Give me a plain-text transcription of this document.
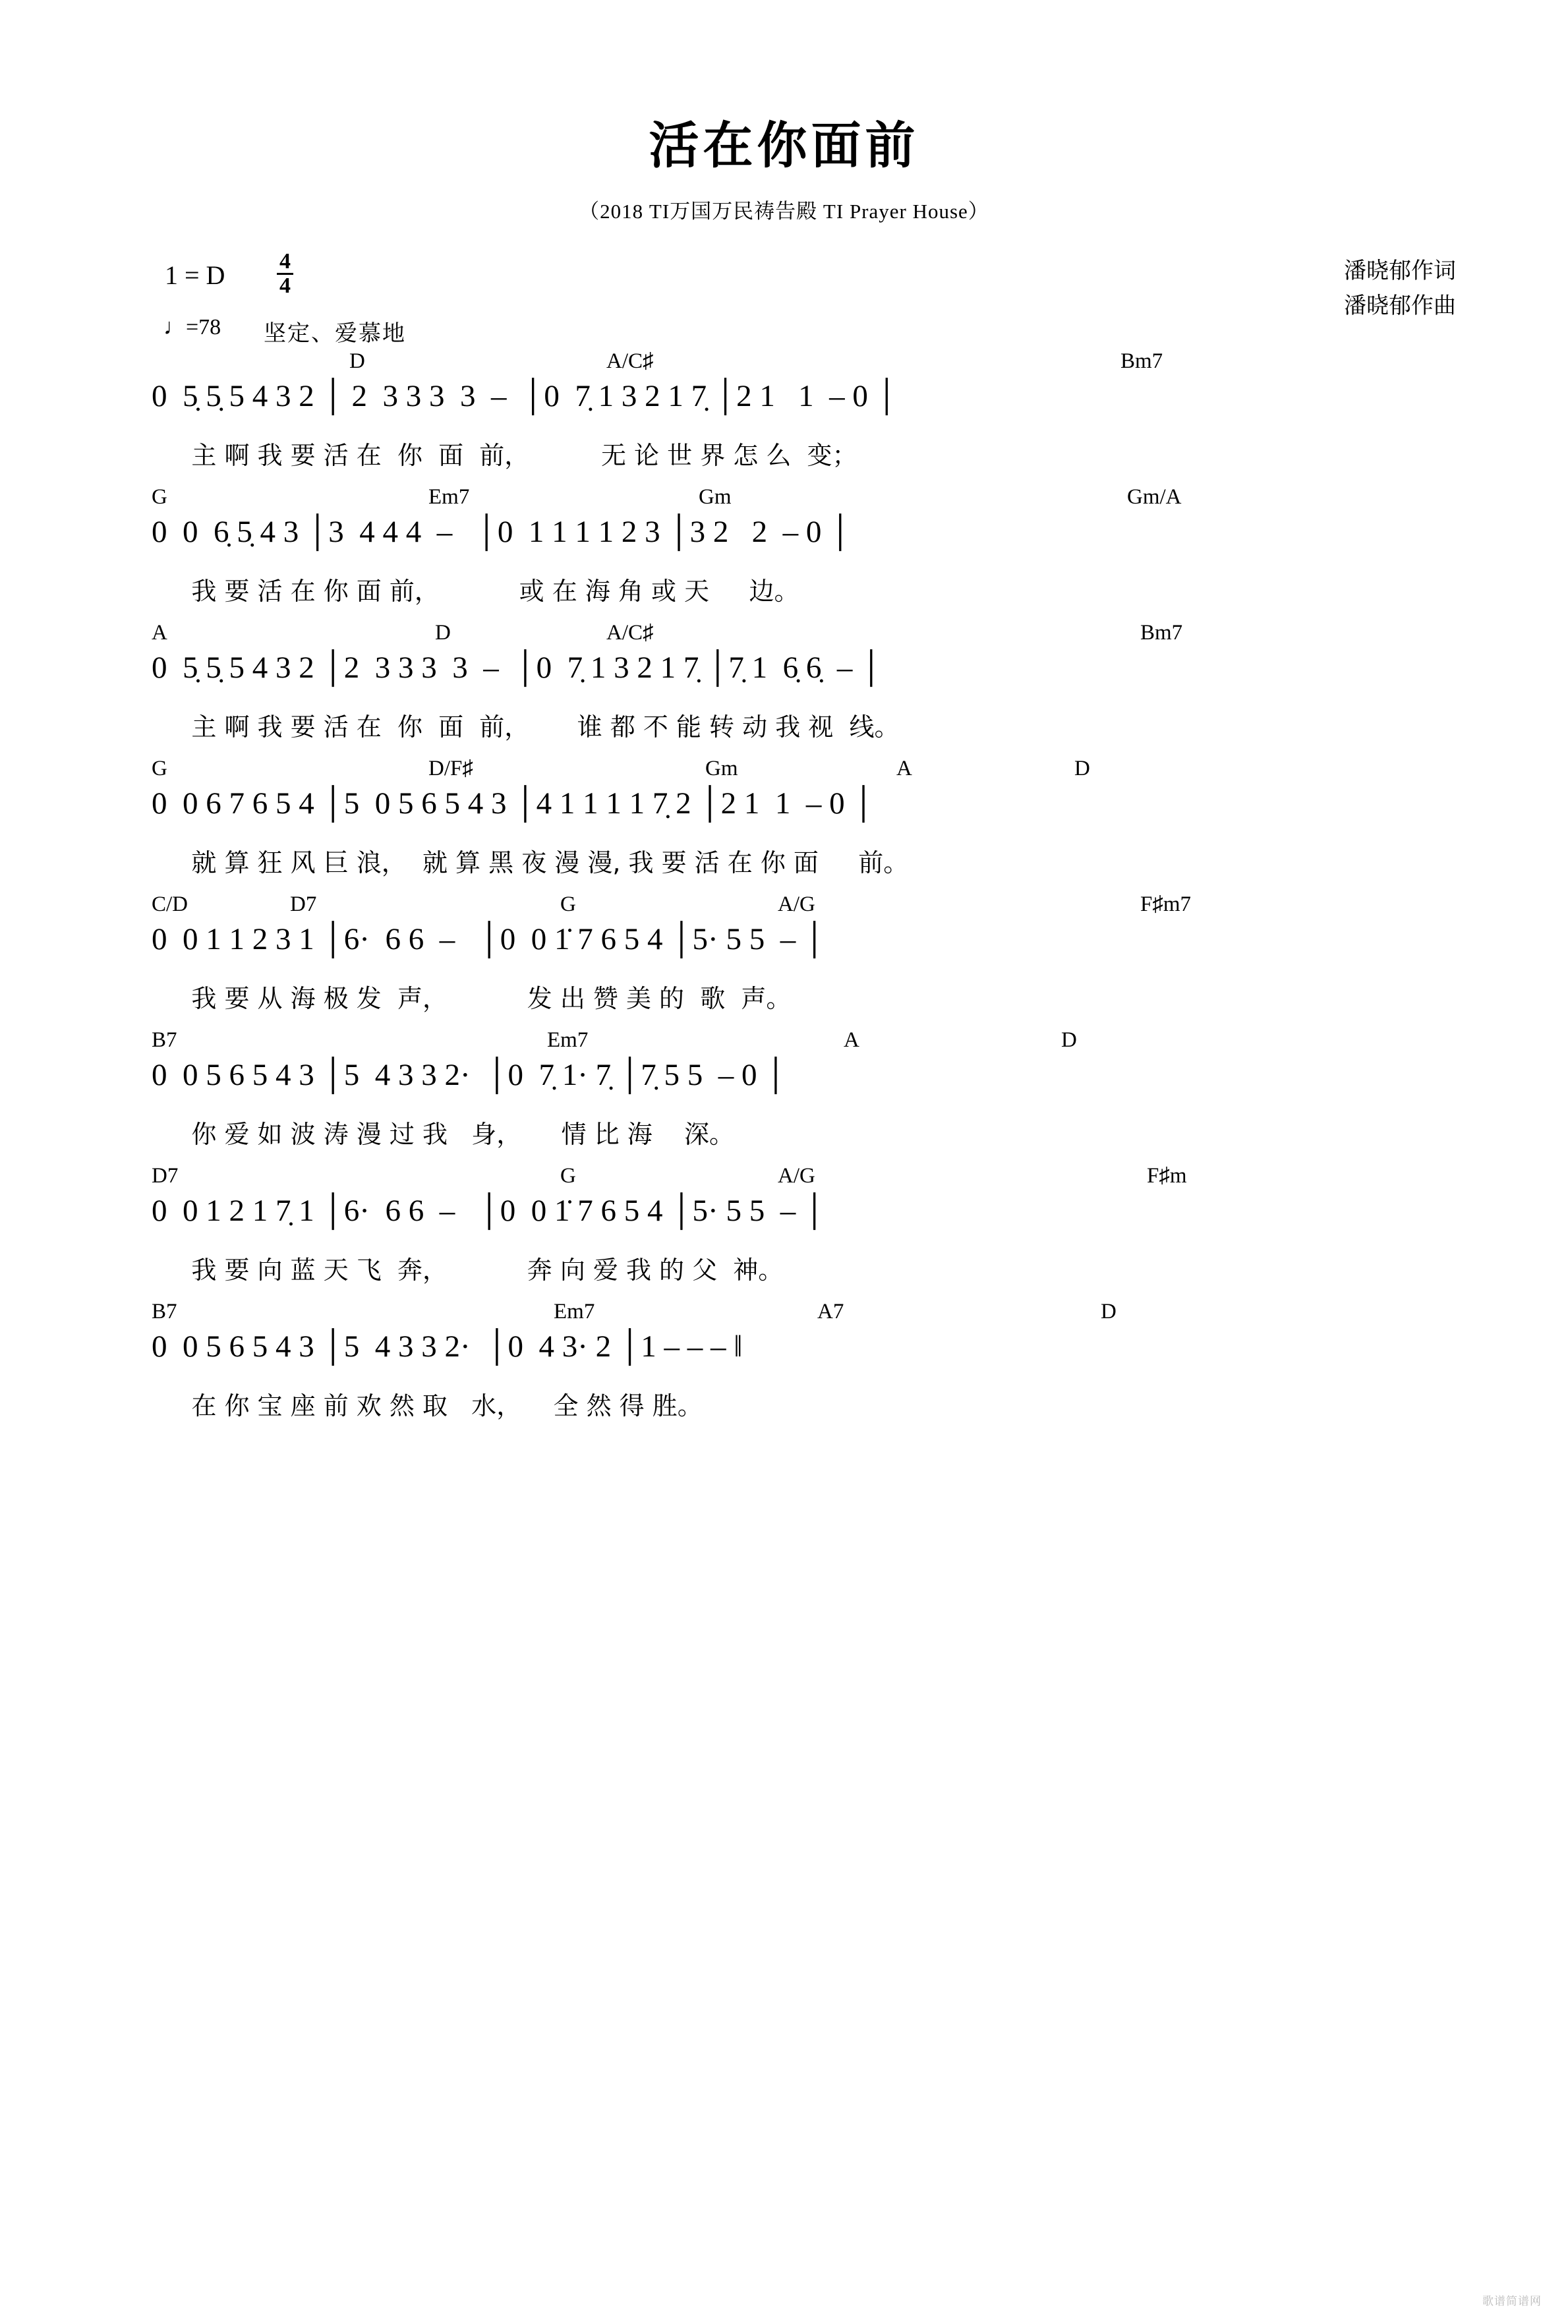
活在你面前
（2018 TI万国万民祷告殿 TI Prayer House）
1 = D $\frac{4}{4}$
♩=78 坚定、爱慕地
潘晓郁作词
潘晓郁作曲
D	A/C♯	Bm7
0  5̣ 5̣ 5 4 3 2 │ 2  3 3 3  3  –  │0  7̣ 1 3 2 1 7̣ │2 1   1  – 0 │
主 啊 我 要 活 在  你  面  前，         无 论 世 界 怎 么  变；
G	Em7	Gm	Gm/A
0  0  6̣ 5̣ 4 3 │3  4 4 4  –   │0  1 1 1 1 2 3 │3 2   2  – 0 │
我 要 活 在 你 面 前，          或 在 海 角 或 天     边。
A	D	A/C♯	Bm7
0  5̣ 5̣ 5 4 3 2 │2  3 3 3  3  –  │0  7̣ 1 3 2 1 7̣ │7̣ 1  6̣ 6̣  – │
主 啊 我 要 活 在  你  面  前，      谁 都 不 能 转 动 我 视  线。
G	D/F♯	Gm	A	D
0  0 6 7 6 5 4 │5  0 5 6 5 4 3 │4 1 1 1 1 7̣ 2 │2 1  1  – 0 │
就 算 狂 风 巨 浪，  就 算 黑 夜 漫 漫, 我 要 活 在 你 面     前。
C/D	D7	G	A/G	F♯m7
0  0 1 1 2 3 1 │6·  6 6  –   │0  0 1̇ 7 6 5 4 │5· 5 5  – │
我 要 从 海 极 发  声，          发 出 赞 美 的  歌  声。
B7	Em7	A	D
0  0 5 6 5 4 3 │5  4 3 3 2·  │0  7̣ 1· 7̣ │7̣ 5 5  – 0 │
你 爱 如 波 涛 漫 过 我   身，     情 比 海    深。
D7	G	A/G	F♯m
0  0 1 2 1 7̣ 1 │6·  6 6  –   │0  0 1̇ 7 6 5 4 │5· 5 5  – │
我 要 向 蓝 天 飞  奔，          奔 向 爱 我 的 父  神。
B7	Em7	A7	D
0  0 5 6 5 4 3 │5  4 3 3 2·  │0  4 3· 2 │1 – – – ‖
在 你 宝 座 前 欢 然 取   水，    全 然 得 胜。
歌谱简谱网
